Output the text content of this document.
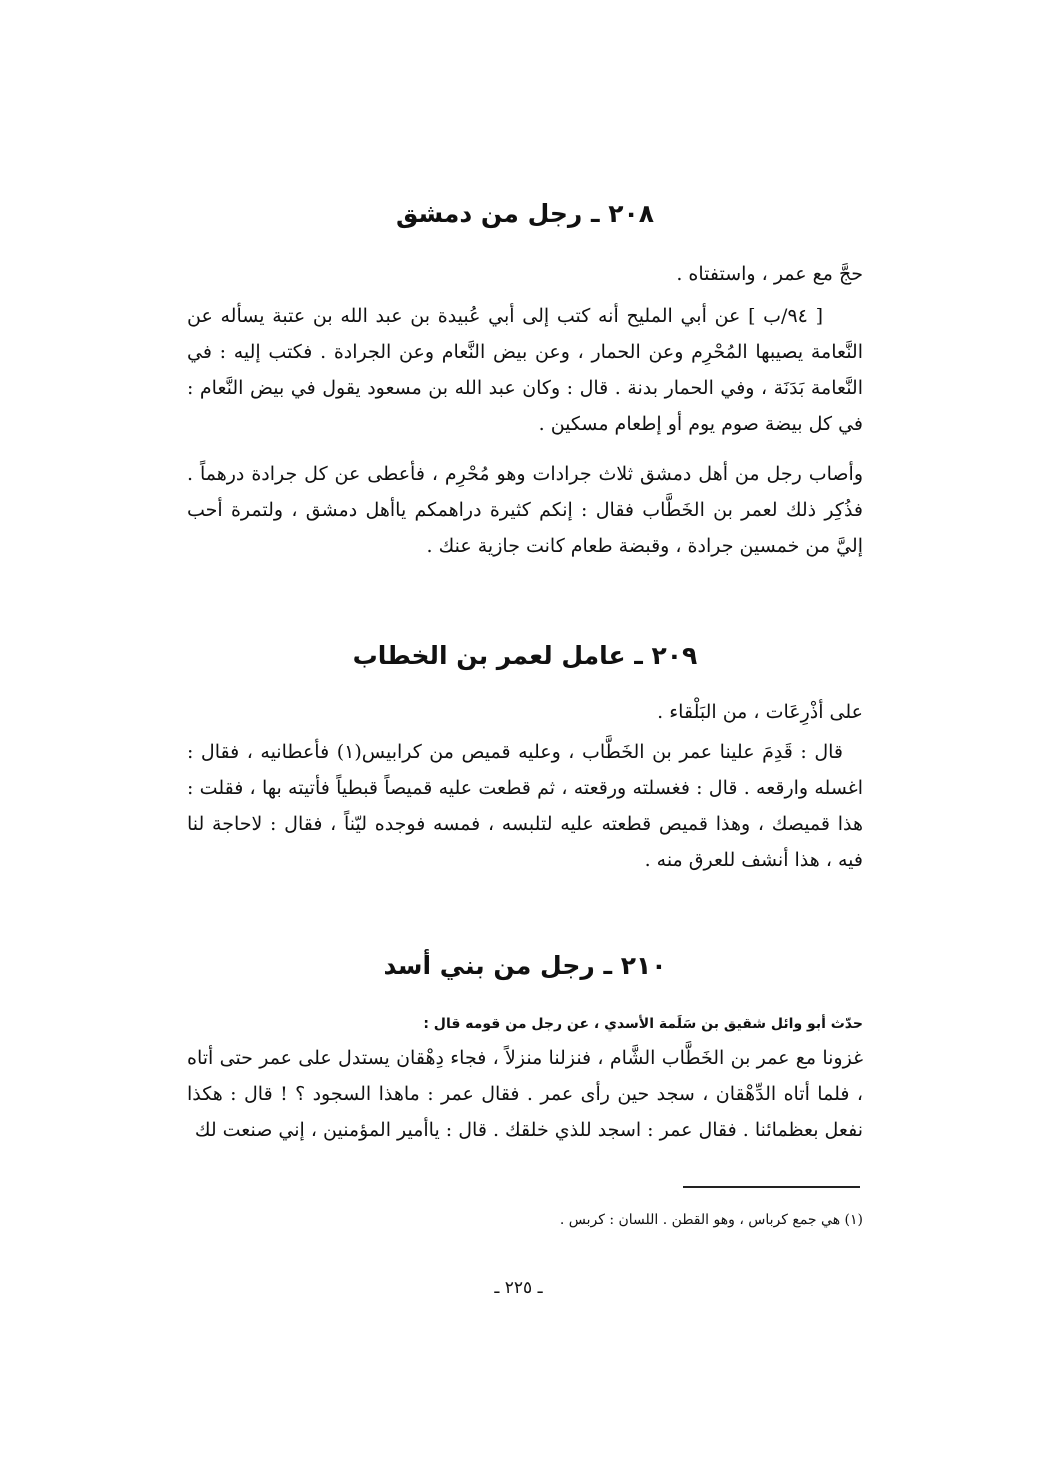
٢٠٨ ـ رجل من دمشق

حجَّ مع عمر ، واستفتاه .

[ ٩٤/ب ] عن أبي المليح أنه كتب إلى أبي عُبيدة بن عبد الله بن عتبة يسأله عن النَّعامة يصيبها المُحْرِم وعن الحمار ، وعن بيض النَّعام وعن الجرادة . فكتب إليه : في النَّعامة بَدَنَة ، وفي الحمار بدنة . قال : وكان عبد الله بن مسعود يقول في بيض النَّعام : في كل بيضة صوم يوم أو إطعام مسكين .

وأصاب رجل من أهل دمشق ثلاث جرادات وهو مُحْرِم ، فأعطى عن كل جرادة درهماً . فذُكِر ذلك لعمر بن الخَطَّاب فقال : إنكم كثيرة دراهمكم ياأهل دمشق ، ولتمرة أحب إليَّ من خمسين جرادة ، وقبضة طعام كانت جازية عنك .

٢٠٩ ـ عامل لعمر بن الخطاب

على أذْرِعَات ، من البَلْقاء .

قال : قَدِمَ علينا عمر بن الخَطَّاب ، وعليه قميص من كرابيس(١) فأعطانيه ، فقال : اغسله وارقعه . قال : فغسلته ورقعته ، ثم قطعت عليه قميصاً قبطياً فأتيته بها ، فقلت : هذا قميصك ، وهذا قميص قطعته عليه لتلبسه ، فمسه فوجده ليّناً ، فقال : لاحاجة لنا فيه ، هذا أنشف للعرق منه .

٢١٠ ـ رجل من بني أسد

حدّث أبو وائل شقيق بن سَلَمة الأسدي ، عن رجل من قومه قال :

غزونا مع عمر بن الخَطَّاب الشَّام ، فنزلنا منزلاً ، فجاء دِهْقان يستدل على عمر حتى أتاه ، فلما أتاه الدِّهْقان ، سجد حين رأى عمر . فقال عمر : ماهذا السجود ؟ ! قال : هكذا نفعل بعظمائنا . فقال عمر : اسجد للذي خلقك . قال : ياأمير المؤمنين ، إني صنعت لك

(١) هي جمع كرباس ، وهو القطن . اللسان : كربس .
ـ ٢٢٥ ـ
